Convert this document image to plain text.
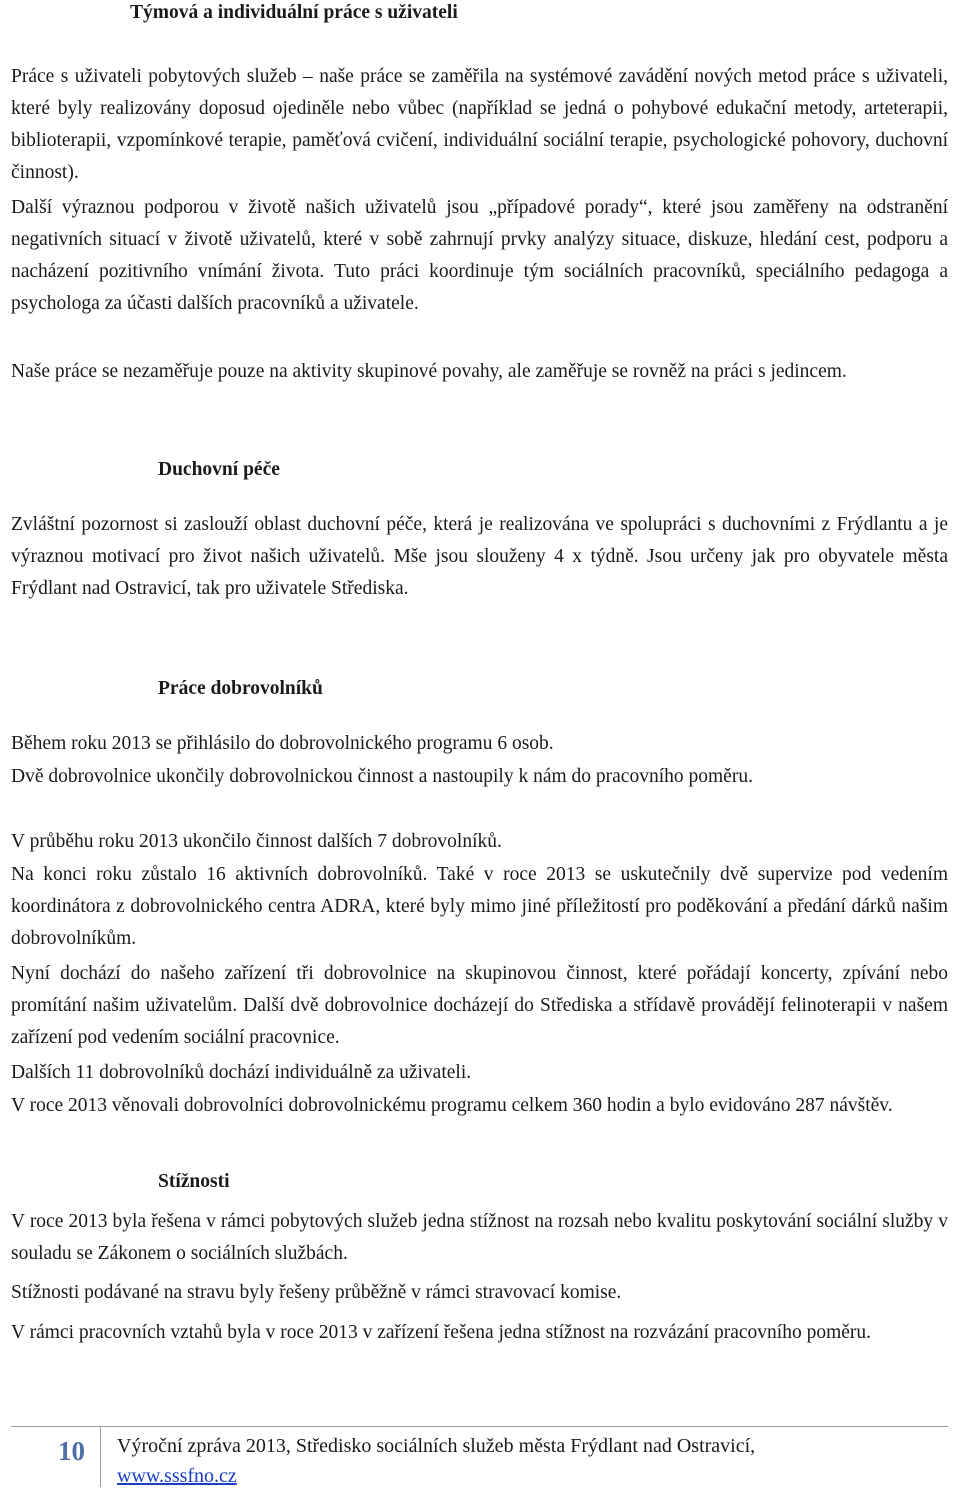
Týmová a individuální práce s uživateli

Práce s uživateli pobytových služeb – naše práce se zaměřila na systémové zavádění nových metod práce s uživateli, které byly realizovány doposud ojediněle nebo vůbec (například se jedná o pohybové edukační metody, arteterapii, biblioterapii, vzpomínkové terapie, paměťová cvičení, individuální sociální terapie, psychologické pohovory, duchovní činnost).

Další výraznou podporou v životě našich uživatelů jsou „případové porady“, které jsou zaměřeny na odstranění negativních situací v životě uživatelů, které v sobě zahrnují prvky analýzy situace, diskuze, hledání cest, podporu a nacházení pozitivního vnímání života. Tuto práci koordinuje tým sociálních pracovníků, speciálního pedagoga a psychologa za účasti dalších pracovníků a uživatele.

Naše práce se nezaměřuje pouze na aktivity skupinové povahy, ale zaměřuje se rovněž na práci s jedincem.

Duchovní péče

Zvláštní pozornost si zaslouží oblast duchovní péče, která je realizována ve spolupráci s duchovními z Frýdlantu a je výraznou motivací pro život našich uživatelů. Mše jsou slouženy 4 x týdně. Jsou určeny jak pro obyvatele města Frýdlant nad Ostravicí, tak pro uživatele Střediska.

Práce dobrovolníků

Během roku 2013 se přihlásilo do dobrovolnického programu 6 osob.

Dvě dobrovolnice ukončily dobrovolnickou činnost a nastoupily k nám do pracovního poměru.

V průběhu roku 2013 ukončilo činnost dalších 7 dobrovolníků.

Na konci roku zůstalo 16 aktivních dobrovolníků. Také v roce 2013 se uskutečnily dvě supervize pod vedením koordinátora z dobrovolnického centra ADRA, které byly mimo jiné příležitostí pro poděkování a předání dárků našim dobrovolníkům.

Nyní dochází do našeho zařízení tři dobrovolnice na skupinovou činnost, které pořádají koncerty, zpívání nebo promítání našim uživatelům. Další dvě dobrovolnice docházejí do Střediska a střídavě provádějí felinoterapii v našem zařízení pod vedením sociální pracovnice.

Dalších 11 dobrovolníků dochází individuálně za uživateli.

V roce 2013 věnovali dobrovolníci dobrovolnickému programu celkem 360 hodin a bylo evidováno 287 návštěv.

Stížnosti

V roce 2013 byla řešena v rámci pobytových služeb jedna stížnost na rozsah nebo kvalitu poskytování sociální služby v souladu se Zákonem o sociálních službách.

Stížnosti podávané na stravu byly řešeny průběžně v rámci stravovací komise.

V rámci pracovních vztahů byla v roce 2013 v zařízení řešena jedna stížnost na rozvázání pracovního poměru.

10 Výroční zpráva 2013, Středisko sociálních služeb města Frýdlant nad Ostravicí,
www.sssfno.cz
